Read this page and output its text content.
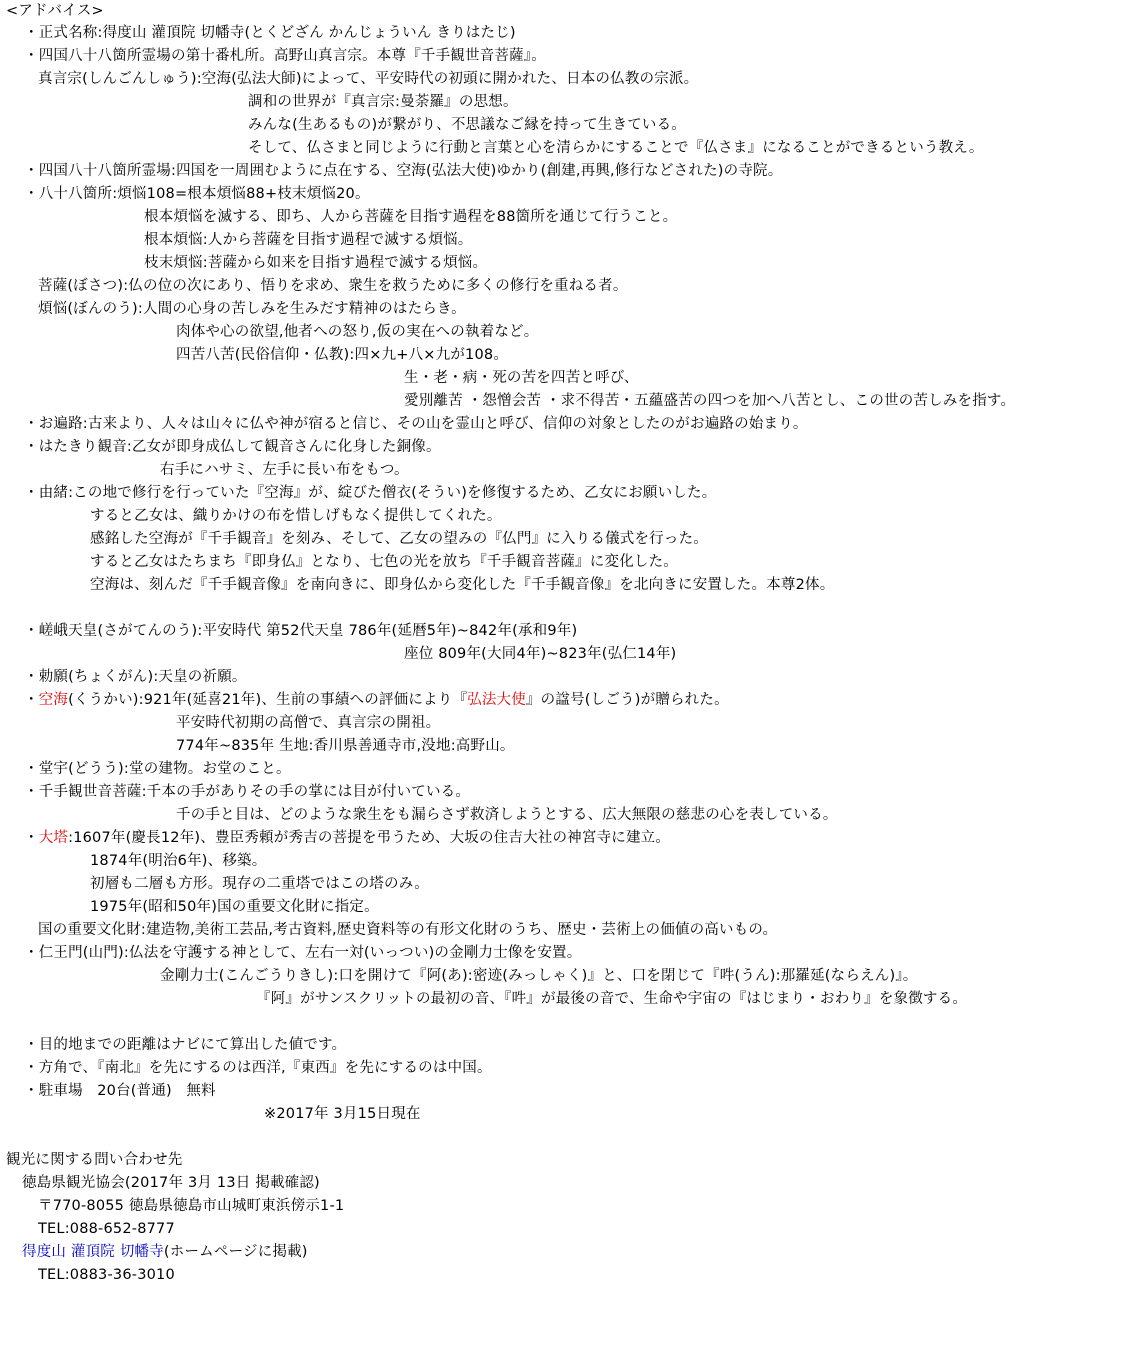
<アドバイス>
・正式名称:得度山 灌頂院 切幡寺(とくどざん かんじょういん きりはたじ)
・四国八十八箇所霊場の第十番札所。高野山真言宗。本尊『千手観世音菩薩』。
真言宗(しんごんしゅう):空海(弘法大師)によって、平安時代の初頭に開かれた、日本の仏教の宗派。
調和の世界が『真言宗:曼荼羅』の思想。
みんな(生あるもの)が繋がり、不思議なご縁を持って生きている。
そして、仏さまと同じように行動と言葉と心を清らかにすることで『仏さま』になることができるという教え。
・四国八十八箇所霊場:四国を一周囲むように点在する、空海(弘法大使)ゆかり(創建,再興,修行などされた)の寺院。
・八十八箇所:煩悩108=根本煩悩88+枝末煩悩20。
根本煩悩を滅する、即ち、人から菩薩を目指す過程を88箇所を通じて行うこと。
根本煩悩:人から菩薩を目指す過程で滅する煩悩。
枝末煩悩:菩薩から如来を目指す過程で滅する煩悩。
菩薩(ぼさつ):仏の位の次にあり、悟りを求め、衆生を救うために多くの修行を重ねる者。
煩悩(ぼんのう):人間の心身の苦しみを生みだす精神のはたらき。
肉体や心の欲望,他者への怒り,仮の実在への執着など。
四苦八苦(民俗信仰・仏教):四×九+八×九が108。
生・老・病・死の苦を四苦と呼び、
愛別離苦 ・怨憎会苦 ・求不得苦・五蘊盛苦の四つを加へ八苦とし、この世の苦しみを指す。
・お遍路:古来より、人々は山々に仏や神が宿ると信じ、その山を霊山と呼び、信仰の対象としたのがお遍路の始まり。
・はたきり観音:乙女が即身成仏して観音さんに化身した銅像。
右手にハサミ、左手に長い布をもつ。
・由緒:この地で修行を行っていた『空海』が、綻びた僧衣(そうい)を修復するため、乙女にお願いした。
すると乙女は、織りかけの布を惜しげもなく提供してくれた。
感銘した空海が『千手観音』を刻み、そして、乙女の望みの『仏門』に入りる儀式を行った。
すると乙女はたちまち『即身仏』となり、七色の光を放ち『千手観音菩薩』に変化した。
空海は、刻んだ『千手観音像』を南向きに、即身仏から変化した『千手観音像』を北向きに安置した。本尊2体。
・嵯峨天皇(さがてんのう):平安時代 第52代天皇 786年(延暦5年)~842年(承和9年)
座位 809年(大同4年)~823年(弘仁14年)
・勅願(ちょくがん):天皇の祈願。
・空海(くうかい):921年(延喜21年)、生前の事績への評価により『弘法大使』の諡号(しごう)が贈られた。
平安時代初期の高僧で、真言宗の開祖。
774年~835年 生地:香川県善通寺市,没地:高野山。
・堂宇(どうう):堂の建物。お堂のこと。
・千手観世音菩薩:千本の手がありその手の掌には目が付いている。
千の手と目は、どのような衆生をも漏らさず救済しようとする、広大無限の慈悲の心を表している。
・大塔:1607年(慶長12年)、豊臣秀頼が秀吉の菩提を弔うため、大坂の住吉大社の神宮寺に建立。
1874年(明治6年)、移築。
初層も二層も方形。現存の二重塔ではこの塔のみ。
1975年(昭和50年)国の重要文化財に指定。
国の重要文化財:建造物,美術工芸品,考古資料,歴史資料等の有形文化財のうち、歴史・芸術上の価値の高いもの。
・仁王門(山門):仏法を守護する神として、左右一対(いっつい)の金剛力士像を安置。
金剛力士(こんごうりきし):口を開けて『阿(あ):密迹(みっしゃく)』と、口を閉じて『吽(うん):那羅延(ならえん)』。
『阿』がサンスクリットの最初の音、『吽』が最後の音で、生命や宇宙の『はじまり・おわり』を象徴する。
・目的地までの距離はナビにて算出した値です。
・方角で、『南北』を先にするのは西洋,『東西』を先にするのは中国。
・駐車場   20台(普通)   無料
※2017年 3月15日現在
観光に関する問い合わせ先
徳島県観光協会(2017年 3月 13日 掲載確認)
〒770-8055 徳島県徳島市山城町東浜傍示1-1
TEL:088-652-8777
得度山 灌頂院 切幡寺(ホームページに掲載)
TEL:0883-36-3010
